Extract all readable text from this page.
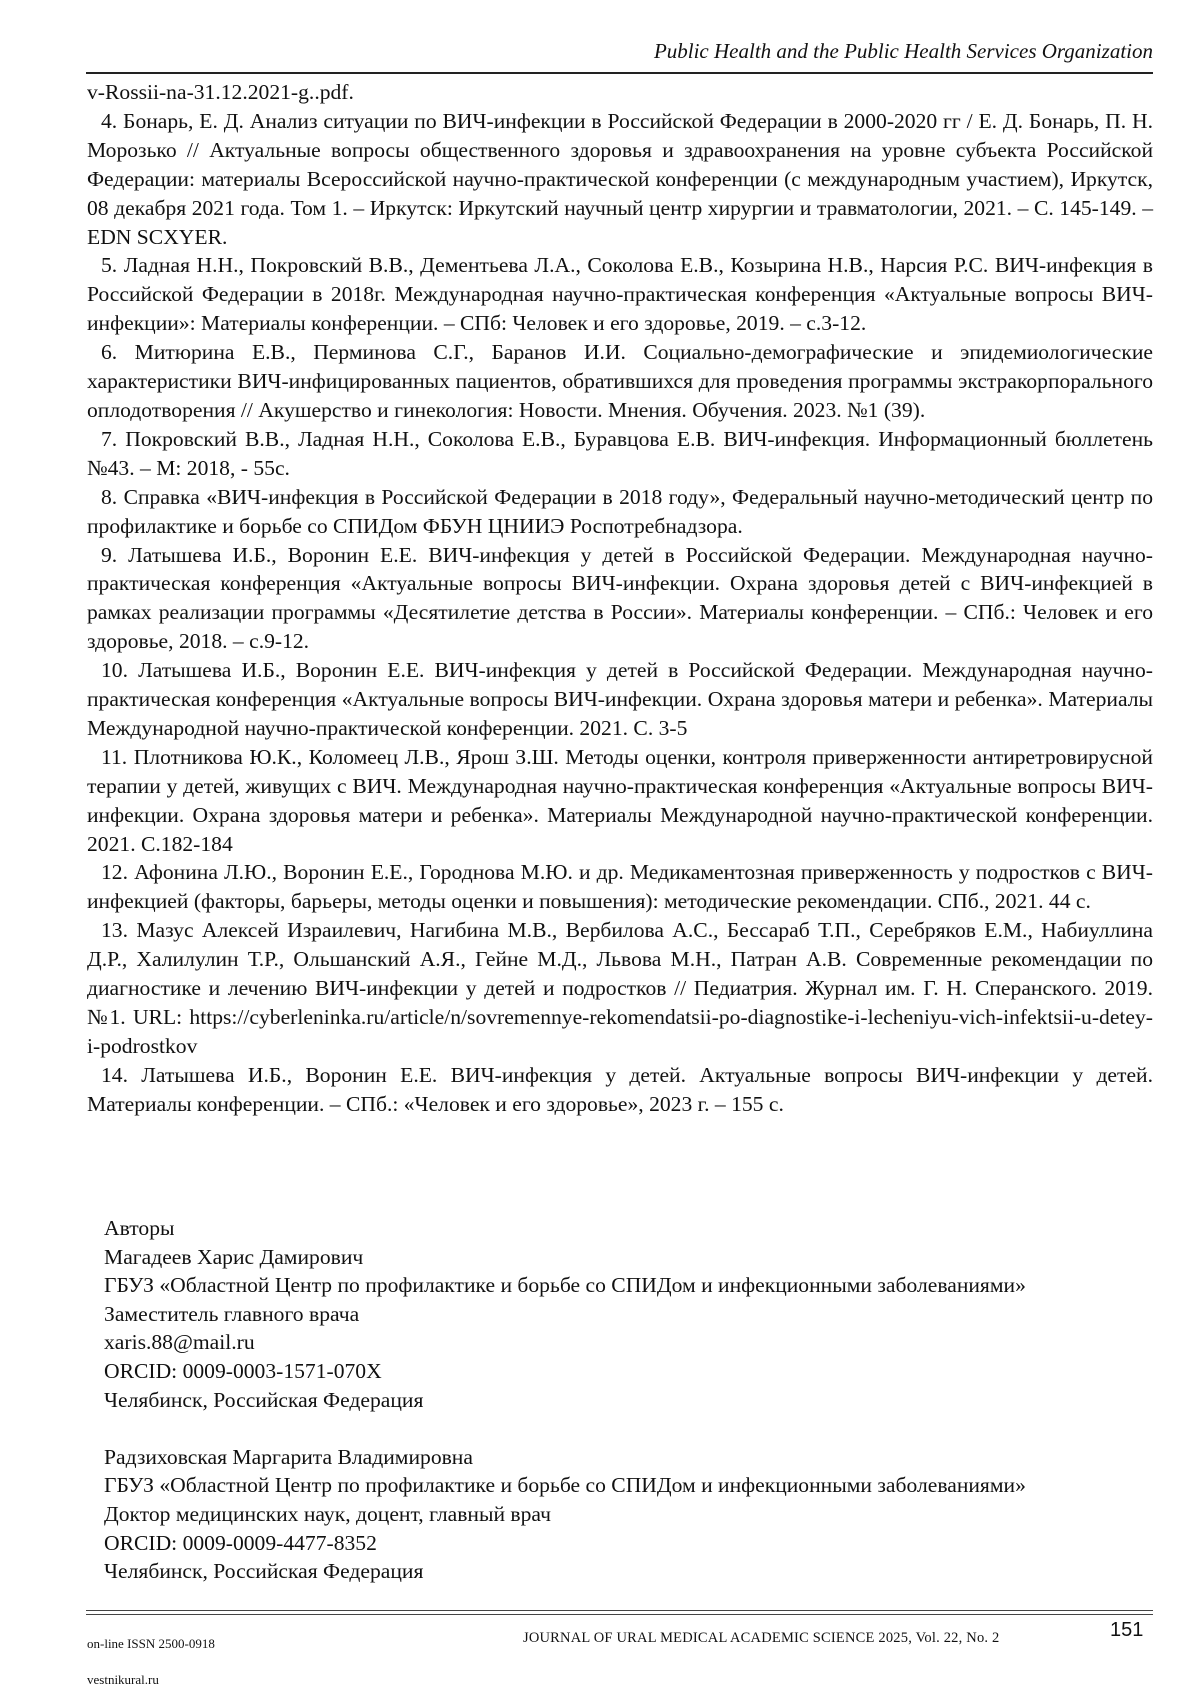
Public Health and the Public Health Services Organization

v-Rossii-na-31.12.2021-g..pdf.

4. Бонарь, Е. Д. Анализ ситуации по ВИЧ-инфекции в Российской Федерации в 2000-2020 гг / Е. Д. Бонарь, П. Н. Морозько // Актуальные вопросы общественного здоровья и здравоохранения на уровне субъекта Российской Федерации: материалы Всероссийской научно-практической конференции (с международным участием), Иркутск, 08 декабря 2021 года. Том 1. – Иркутск: Иркутский научный центр хирургии и травматологии, 2021. – С. 145-149. – EDN SCXYER.

5. Ладная Н.Н., Покровский В.В., Дементьева Л.А., Соколова Е.В., Козырина Н.В., Нарсия Р.С. ВИЧ-инфекция в Российской Федерации в 2018г. Международная научно-практическая конференция «Актуальные вопросы ВИЧ-инфекции»: Материалы конференции. – СПб: Человек и его здоровье, 2019. – с.3-12.

6. Митюрина Е.В., Перминова С.Г., Баранов И.И. Социально-демографические и эпидемиологические характеристики ВИЧ-инфицированных пациентов, обратившихся для проведения программы экстракорпорального оплодотворения // Акушерство и гинекология: Новости. Мнения. Обучения. 2023. №1 (39).

7. Покровский В.В., Ладная Н.Н., Соколова Е.В., Буравцова Е.В. ВИЧ-инфекция. Информационный бюллетень №43. – М: 2018, - 55с.

8. Справка «ВИЧ-инфекция в Российской Федерации в 2018 году», Федеральный научно-методический центр по профилактике и борьбе со СПИДом ФБУН ЦНИИЭ Роспотребнадзора.

9. Латышева И.Б., Воронин Е.Е. ВИЧ-инфекция у детей в Российской Федерации. Международная научно-практическая конференция «Актуальные вопросы ВИЧ-инфекции. Охрана здоровья детей с ВИЧ-инфекцией в рамках реализации программы «Десятилетие детства в России». Материалы конференции. – СПб.: Человек и его здоровье, 2018. – с.9-12.

10. Латышева И.Б., Воронин Е.Е. ВИЧ-инфекция у детей в Российской Федерации. Международная научно-практическая конференция «Актуальные вопросы ВИЧ-инфекции. Охрана здоровья матери и ребенка». Материалы Международной научно-практической конференции. 2021. С. 3-5

11. Плотникова Ю.К., Коломеец Л.В., Ярош З.Ш. Методы оценки, контроля приверженности антиретровирусной терапии у детей, живущих с ВИЧ. Международная научно-практическая конференция «Актуальные вопросы ВИЧ-инфекции. Охрана здоровья матери и ребенка». Материалы Международной научно-практической конференции. 2021. С.182-184

12. Афонина Л.Ю., Воронин Е.Е., Городнова М.Ю. и др. Медикаментозная приверженность у подростков с ВИЧ-инфекцией (факторы, барьеры, методы оценки и повышения): методические рекомендации. СПб., 2021. 44 с.

13. Мазус Алексей Израилевич, Нагибина М.В., Вербилова А.С., Бессараб Т.П., Серебряков Е.М., Набиуллина Д.Р., Халилулин Т.Р., Ольшанский А.Я., Гейне М.Д., Львова М.Н., Патран А.В. Современные рекомендации по диагностике и лечению ВИЧ-инфекции у детей и подростков // Педиатрия. Журнал им. Г. Н. Сперанского. 2019. №1. URL: https://cyberleninka.ru/article/n/sovremennye-rekomendatsii-po-diagnostike-i-lecheniyu-vich-infektsii-u-detey-i-podrostkov

14. Латышева И.Б., Воронин Е.Е. ВИЧ-инфекция у детей. Актуальные вопросы ВИЧ-инфекции у детей. Материалы конференции. – СПб.: «Человек и его здоровье», 2023 г. – 155 с.

Авторы
Магадеев Харис Дамирович
ГБУЗ «Областной Центр по профилактике и борьбе со СПИДом и инфекционными заболеваниями»
Заместитель главного врача
xaris.88@mail.ru
ORCID: 0009-0003-1571-070X
Челябинск, Российская Федерация
Радзиховская Маргарита Владимировна
ГБУЗ «Областной Центр по профилактике и борьбе со СПИДом и инфекционными заболеваниями»
Доктор медицинских наук, доцент, главный врач
ORCID: 0009-0009-4477-8352
Челябинск, Российская Федерация
on-line ISSN 2500-0918	JOURNAL OF URAL MEDICAL ACADEMIC SCIENCE 2025, Vol. 22, No. 2	151
vestnikural.ru
